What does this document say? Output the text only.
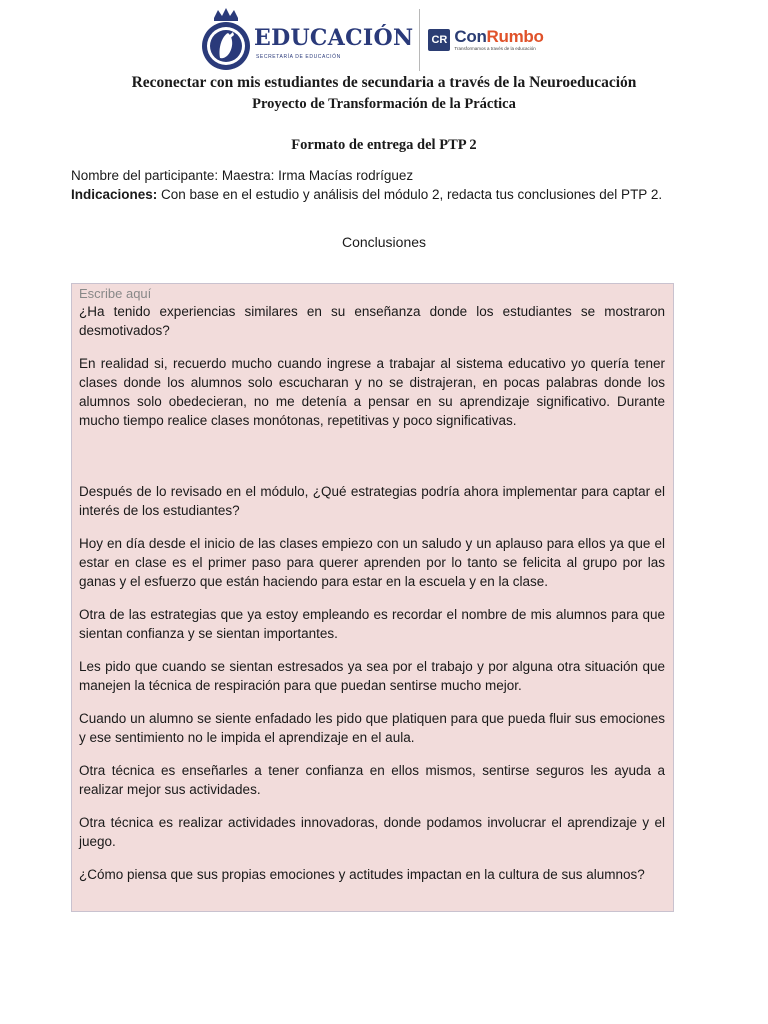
EDUCACIÓN
SECRETARÍA DE EDUCACIÓN
CR ConRumbo
Transformamos a través de la educación
Reconectar con mis estudiantes de secundaria a través de la Neuroeducación
Proyecto de Transformación de la Práctica
Formato de entrega del PTP 2
Nombre del participante: Maestra: Irma Macías rodríguez
Indicaciones: Con base en el estudio y análisis del módulo 2, redacta tus conclusiones del PTP 2.
Conclusiones
Escribe aquí

¿Ha tenido experiencias similares en su enseñanza donde los estudiantes se mostraron desmotivados?

En realidad si, recuerdo mucho cuando ingrese a trabajar al sistema educativo yo quería tener clases donde los alumnos solo escucharan y no se distrajeran, en pocas palabras donde los alumnos solo obedecieran, no me detenía a pensar en su aprendizaje significativo. Durante mucho tiempo realice clases monótonas, repetitivas y poco significativas.

Después de lo revisado en el módulo, ¿Qué estrategias podría ahora implementar para captar el interés de los estudiantes?

Hoy en día desde el inicio de las clases empiezo con un saludo y un aplauso para ellos ya que el estar en clase es el primer paso para querer aprenden por lo tanto se felicita al grupo por las ganas y el esfuerzo que están haciendo para estar en la escuela y en la clase.

Otra de las estrategias que ya estoy empleando es recordar el nombre de mis alumnos para que sientan confianza y se sientan importantes.

Les pido que cuando se sientan estresados ya sea por el trabajo y por alguna otra situación que manejen la técnica de respiración para que puedan sentirse mucho mejor.

Cuando un alumno se siente enfadado les pido que platiquen para que pueda fluir sus emociones y ese sentimiento no le impida el aprendizaje en el aula.

Otra técnica es enseñarles a tener confianza en ellos mismos, sentirse seguros les ayuda a realizar mejor sus actividades.

Otra técnica es realizar actividades innovadoras, donde podamos involucrar el aprendizaje y el juego.

¿Cómo piensa que sus propias emociones y actitudes impactan en la cultura de sus alumnos?
